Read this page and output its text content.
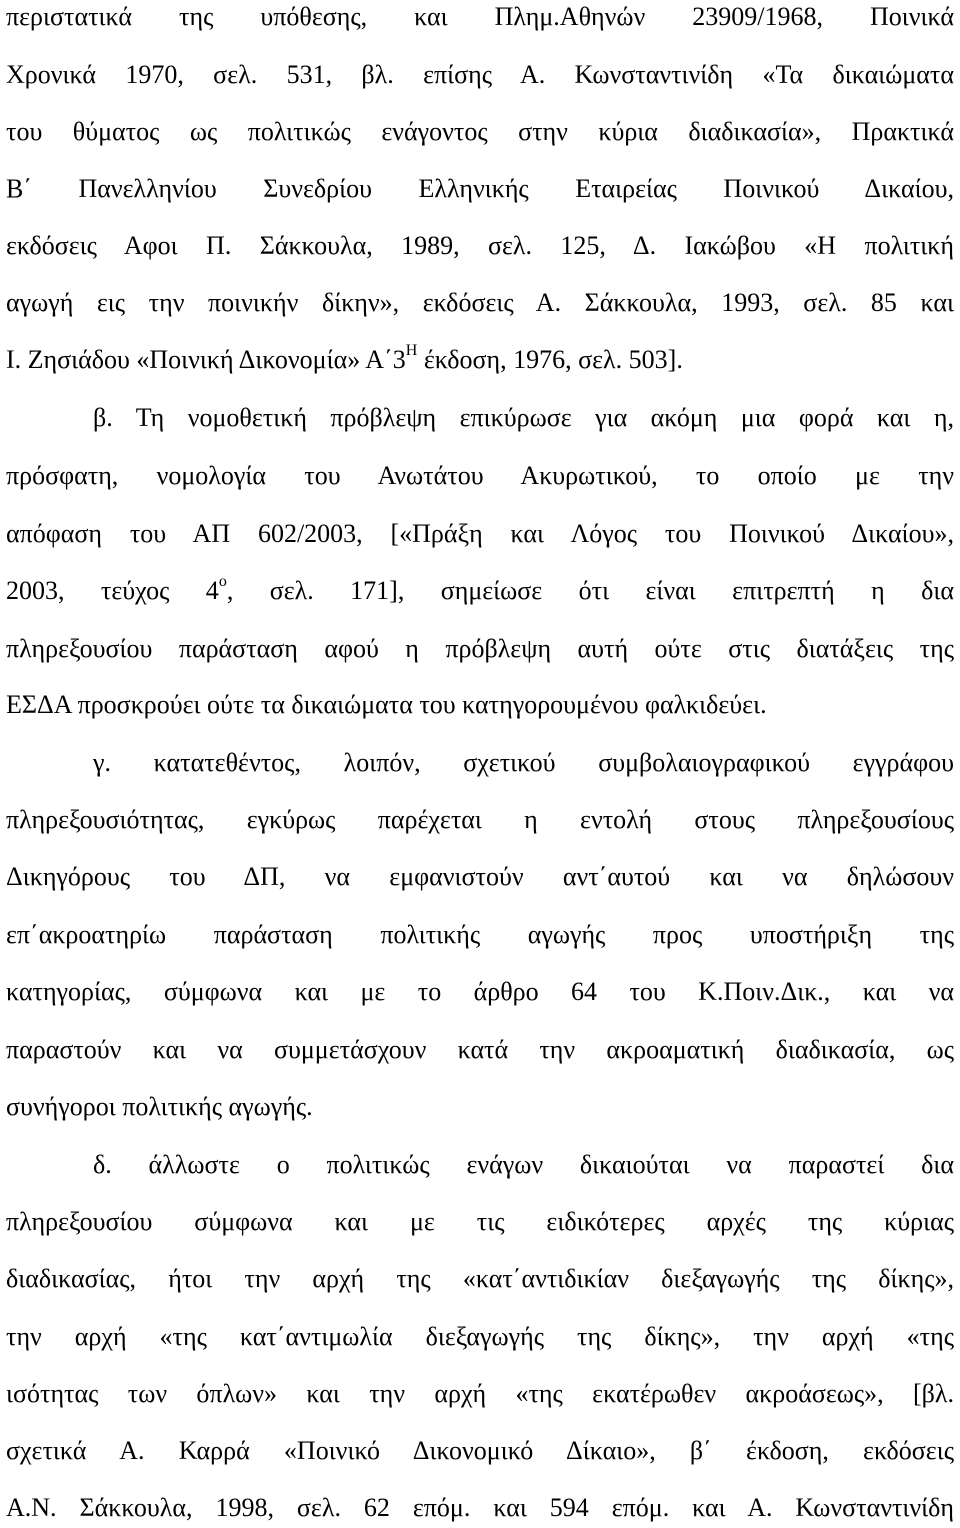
περιστατικά της υπόθεσης, και Πλημ.Αθηνών 23909/1968, Ποινικά
Χρονικά 1970, σελ. 531, βλ. επίσης Α. Κωνσταντινίδη «Τα δικαιώματα
του θύματος ως πολιτικώς ενάγοντος στην κύρια διαδικασία», Πρακτικά
Β΄ Πανελληνίου Συνεδρίου Ελληνικής Εταιρείας Ποινικού Δικαίου,
εκδόσεις Αφοι Π. Σάκκουλα, 1989, σελ. 125, Δ. Ιακώβου «Η πολιτική
αγωγή εις την ποινικήν δίκην», εκδόσεις Α. Σάκκουλα, 1993, σελ. 85 και
Ι. Ζησιάδου «Ποινική Δικονομία» $A΄3^H$ έκδοση, 1976, σελ. 503].
β. Τη νομοθετική πρόβλεψη επικύρωσε για ακόμη μια φορά και η,
πρόσφατη, νομολογία του Ανωτάτου Ακυρωτικού, το οποίο με την
απόφαση του ΑΠ 602/2003, [«Πράξη και Λόγος του Ποινικού Δικαίου»,
2003, τεύχος $4^o$, σελ. 171], σημείωσε ότι είναι επιτρεπτή η δια
πληρεξουσίου παράσταση αφού η πρόβλεψη αυτή ούτε στις διατάξεις της
ΕΣΔΑ προσκρούει ούτε τα δικαιώματα του κατηγορουμένου φαλκιδεύει.
γ. κατατεθέντος, λοιπόν, σχετικού συμβολαιογραφικού εγγράφου
πληρεξουσιότητας, εγκύρως παρέχεται η εντολή στους πληρεξουσίους
Δικηγόρους του ΔΠ, να εμφανιστούν αντ΄αυτού και να δηλώσουν
επ΄ακροατηρίω παράσταση πολιτικής αγωγής προς υποστήριξη της
κατηγορίας, σύμφωνα και με το άρθρο 64 του Κ.Ποιν.Δικ., και να
παραστούν και να συμμετάσχουν κατά την ακροαματική διαδικασία, ως
συνήγοροι πολιτικής αγωγής.
δ. άλλωστε ο πολιτικώς ενάγων δικαιούται να παραστεί δια
πληρεξουσίου σύμφωνα και με τις ειδικότερες αρχές της κύριας
διαδικασίας, ήτοι την αρχή της «κατ΄αντιδικίαν διεξαγωγής της δίκης»,
την αρχή «της κατ΄αντιμωλία διεξαγωγής της δίκης», την αρχή «της
ισότητας των όπλων» και την αρχή «της εκατέρωθεν ακροάσεως», [βλ.
σχετικά Α. Καρρά «Ποινικό Δικονομικό Δίκαιο», β΄ έκδοση, εκδόσεις
Α.Ν. Σάκκουλα, 1998, σελ. 62 επόμ. και 594 επόμ. και Α. Κωνσταντινίδη
